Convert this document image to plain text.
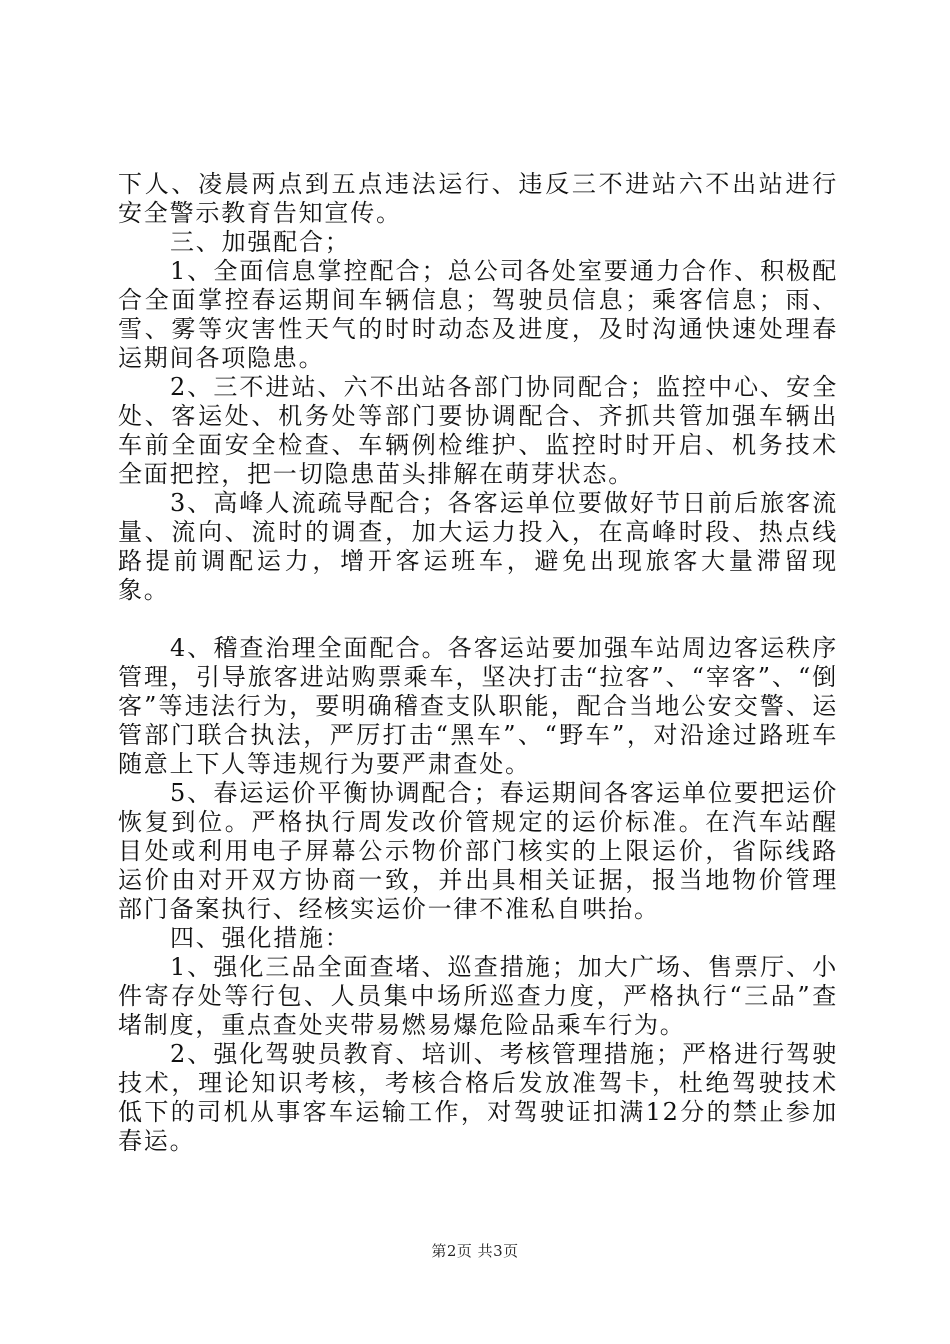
下人、凌晨两点到五点违法运行、违反三不进站六不出站进行安全警示教育告知宣传。

三、加强配合；

1、全面信息掌控配合；总公司各处室要通力合作、积极配合全面掌控春运期间车辆信息；驾驶员信息；乘客信息；雨、雪、雾等灾害性天气的时时动态及进度，及时沟通快速处理春运期间各项隐患。

2、三不进站、六不出站各部门协同配合；监控中心、安全处、客运处、机务处等部门要协调配合、齐抓共管加强车辆出车前全面安全检查、车辆例检维护、监控时时开启、机务技术全面把控，把一切隐患苗头排解在萌芽状态。

3、高峰人流疏导配合；各客运单位要做好节日前后旅客流量、流向、流时的调查，加大运力投入，在高峰时段、热点线路提前调配运力，增开客运班车，避免出现旅客大量滞留现象。

4、稽查治理全面配合。各客运站要加强车站周边客运秩序管理，引导旅客进站购票乘车，坚决打击“拉客”、“宰客”、“倒客”等违法行为，要明确稽查支队职能，配合当地公安交警、运管部门联合执法，严厉打击“黑车”、“野车”，对沿途过路班车随意上下人等违规行为要严肃查处。

5、春运运价平衡协调配合；春运期间各客运单位要把运价恢复到位。严格执行周发改价管规定的运价标准。在汽车站醒目处或利用电子屏幕公示物价部门核实的上限运价，省际线路运价由对开双方协商一致，并出具相关证据，报当地物价管理部门备案执行、经核实运价一律不准私自哄抬。

四、强化措施：

1、强化三品全面查堵、巡查措施；加大广场、售票厅、小件寄存处等行包、人员集中场所巡查力度，严格执行“三品”查堵制度，重点查处夹带易燃易爆危险品乘车行为。

2、强化驾驶员教育、培训、考核管理措施；严格进行驾驶技术，理论知识考核，考核合格后发放准驾卡，杜绝驾驶技术低下的司机从事客车运输工作，对驾驶证扣满12分的禁止参加春运。

第2页 共3页
